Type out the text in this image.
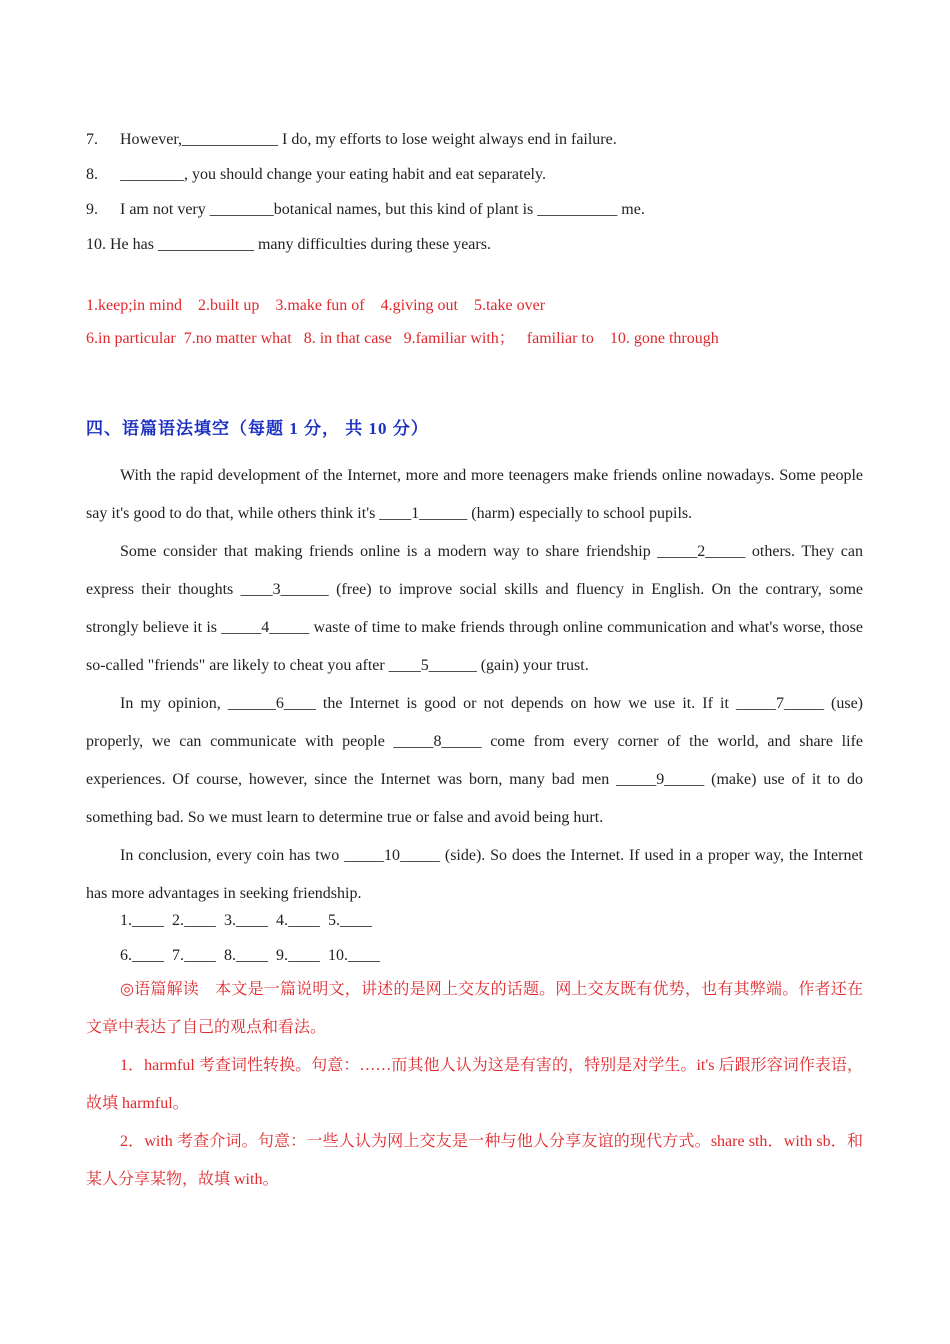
7. However,____________ I do, my efforts to lose weight always end in failure.
8. ________, you should change your eating habit and eat separately.
9. I am not very ________botanical names, but this kind of plant is __________ me.
10. He has ____________ many difficulties during these years.
1.keep;in mind    2.built up    3.make fun of    4.giving out    5.take over
6.in particular  7.no matter what   8. in that case   9.familiar with；   familiar to    10. gone through
四、语篇语法填空（每题 1 分， 共 10 分）

With the rapid development of the Internet, more and more teenagers make friends online nowadays. Some people say it's good to do that, while others think it's ____1______ (harm) especially to school pupils.

Some consider that making friends online is a modern way to share friendship _____2_____ others. They can express their thoughts ____3______ (free) to improve social skills and fluency in English. On the contrary, some strongly believe it is _____4_____ waste of time to make friends through online communication and what's worse, those so-called "friends" are likely to cheat you after ____5______ (gain) your trust.

In my opinion, ______6____ the Internet is good or not depends on how we use it. If it _____7_____ (use) properly, we can communicate with people _____8_____ come from every corner of the world, and share life experiences. Of course, however, since the Internet was born, many bad men _____9_____ (make) use of it to do something bad. So we must learn to determine true or false and avoid being hurt.

In conclusion, every coin has two _____10_____ (side). So does the Internet. If used in a proper way, the Internet has more advantages in seeking friendship.

1.____  2.____  3.____  4.____  5.____
6.____  7.____  8.____  9.____  10.____

◎语篇解读　本文是一篇说明文，讲述的是网上交友的话题。网上交友既有优势，也有其弊端。作者还在文章中表达了自己的观点和看法。

1．harmful 考查词性转换。句意：……而其他人认为这是有害的，特别是对学生。it's 后跟形容词作表语，故填 harmful。

2．with 考查介词。句意：一些人认为网上交友是一种与他人分享友谊的现代方式。share sth．with sb．和某人分享某物，故填 with。
